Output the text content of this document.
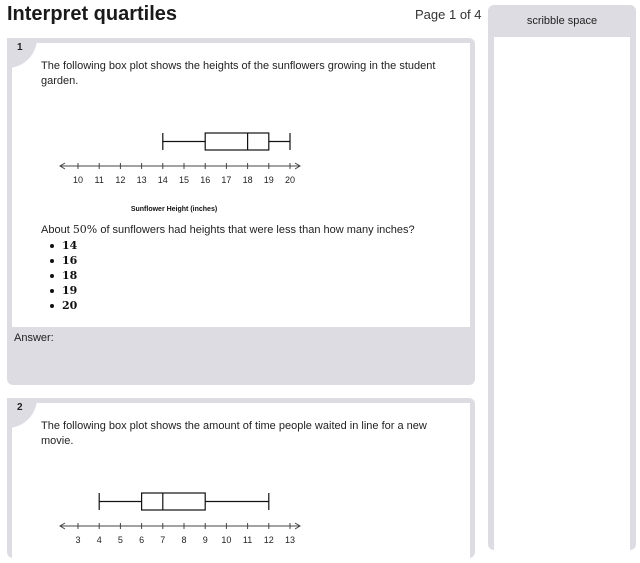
Interpret quartiles	Page 1 of 4	scribble space
1
The following box plot shows the heights of the sunflowers growing in the student garden.
10 11 12 13 14 15 16 17 18 19 20
Sunflower Height (inches)
About 50% of sunflowers had heights that were less than how many inches?
14
16
18
19
20
Answer:
2
The following box plot shows the amount of time people waited in line for a new movie.
3 4 5 6 7 8 9 10 11 12 13
